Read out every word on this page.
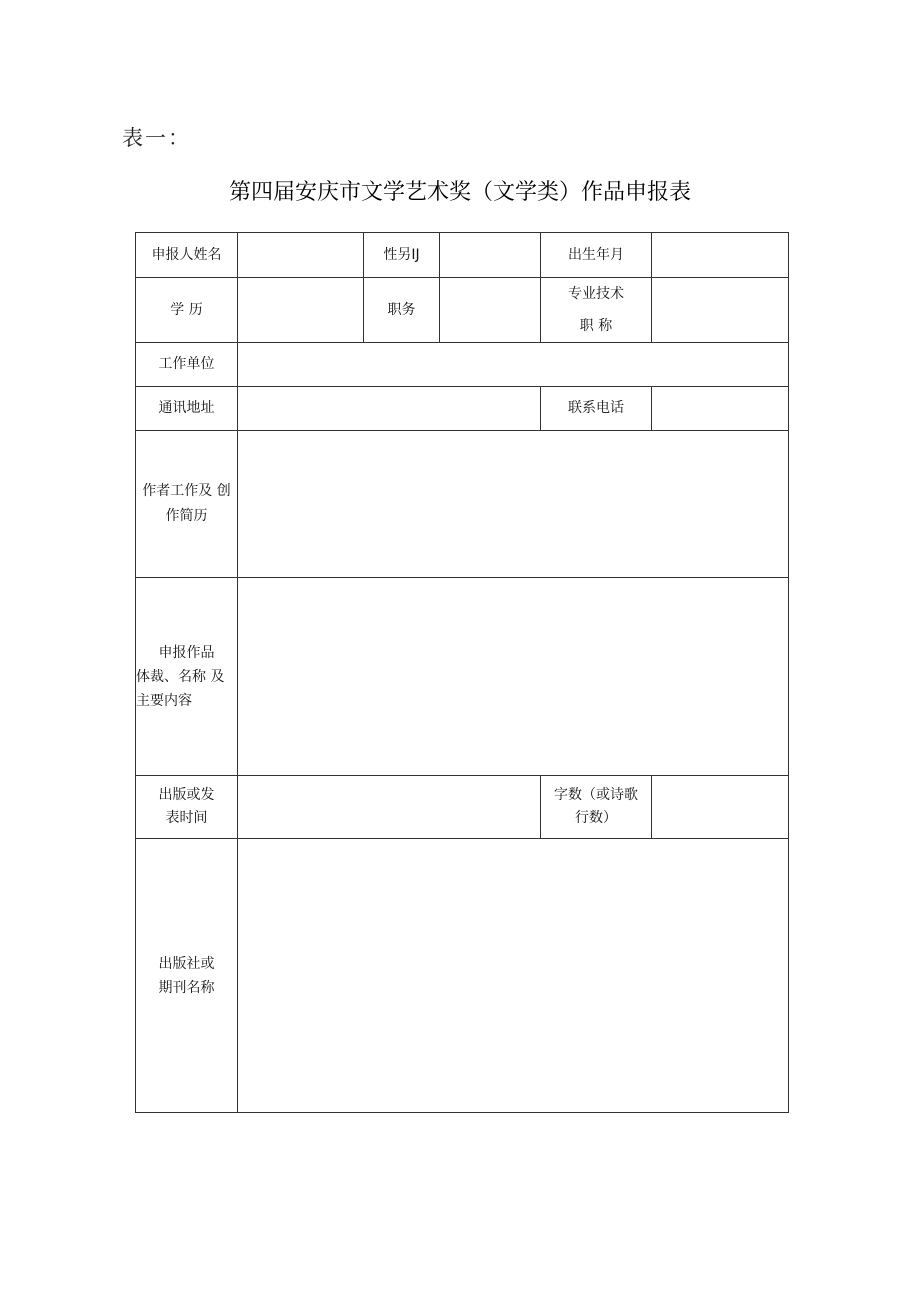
表一：
第四届安庆市文学艺术奖（文学类）作品申报表
申报人姓名		性另IJ		出生年月	
学 历		职务		专业技术
职 称	

工作单位					
通讯地址				联系电话	

作者工作及 创
作简历					

申报作品
体裁、名称 及
主要内容					

出版或发
表时间				字数（或诗歌
行数）	

出版社或
期刊名称					
